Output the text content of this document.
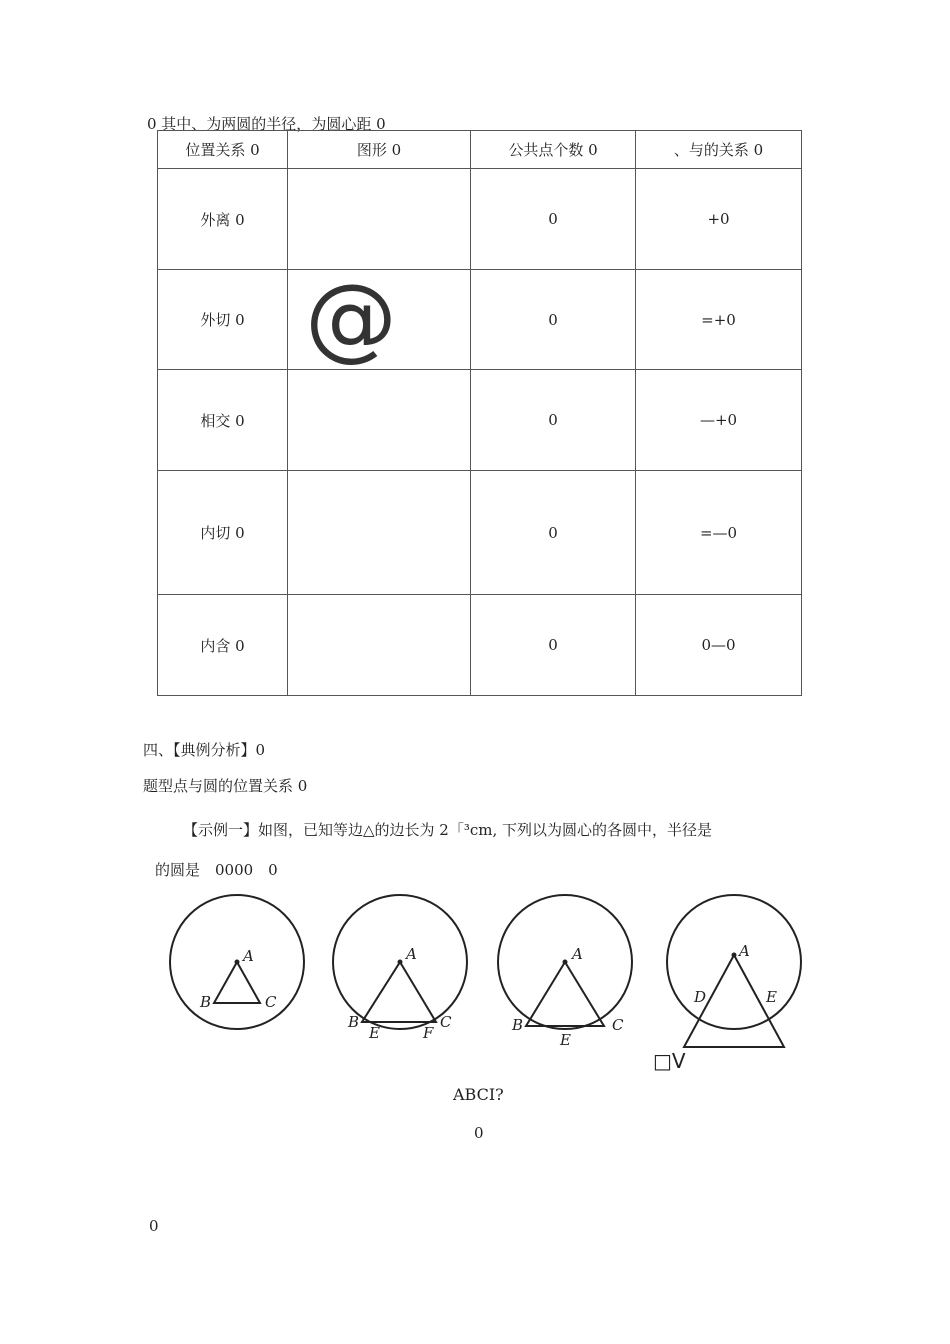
0 其中、为两圆的半径，为圆心距 0
位置关系 0	图形 0	公共点个数 0	、与的关系 0
外离 0		0	+0
外切 0		0	=+0
相交 0		0	—+0
内切 0		0	=—0
内含 0		0	0—0
@
四、【典例分析】0
题型点与圆的位置关系 0
【示例一】如图，已知等边△的边长为 2「³cm, 下列以为圆心的各圆中，半径是
的圆是　0000　0
A
B	C
A
B	C
E	F
A
B	C
E
A
D	E
□V
ABCI?
0
0
